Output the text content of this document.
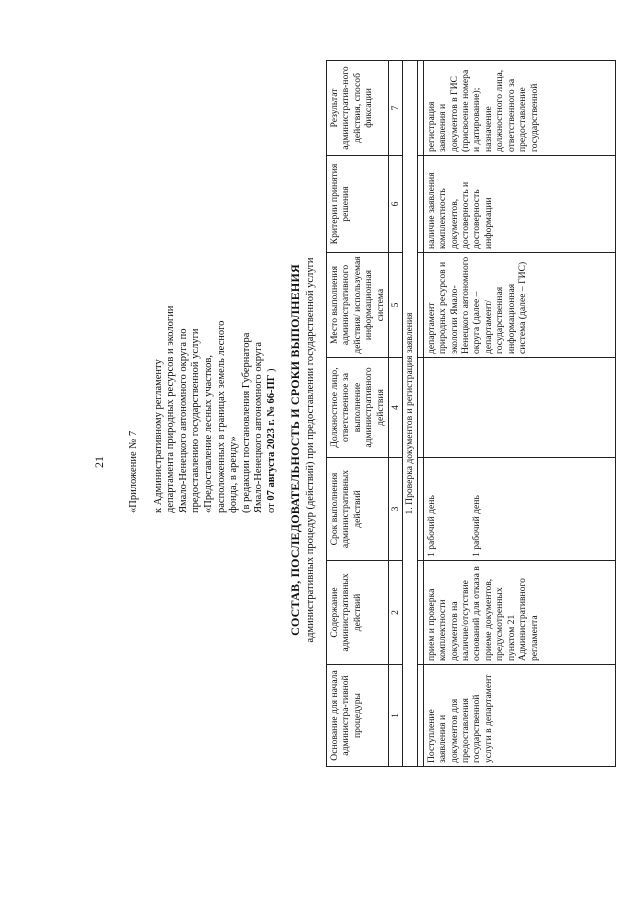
21 «Приложение № 7 к Административному регламенту департамента природных ресурсов и экологии Ямало-Ненецкого автономного округа по предоставлению государственной услуги «Предоставление лесных участков, расположенных в границах земель лесного фонда, в аренду» (в редакции постановления Губернатора Ямало-Ненецкого автономного округа от 07 августа 2023 г. № 66-ПГ ) СОСТАВ, ПОСЛЕДОВАТЕЛЬНОСТЬ И СРОКИ ВЫПОЛНЕНИЯ административных процедур (действий) при предоставлении государственной услуги
Основание для начала администра-тивной процедуры	Содержание административных действий	Срок выполнения административных действий	Должностное лицо, ответственное за выполнение административного действия	Место выполнения административного действия/ используемая информационная система	Критерии принятия решения	Результат административ-ного действия, способ фиксации
1	2	3	4	5	6	7
1. Проверка документов и регистрация заявления						

Поступление заявления и документов для предоставления государственной услуги в департамент	прием и проверка комплектности документов на наличие/отсутствие оснований для отказа в приеме документов, предусмотренных пунктом 21 Административного регламента	1 рабочий день 1 рабочий день		департамент природных ресурсов и экологии Ямало-Ненецкого автономного округа (далее – департамент/ государственная информационная система (далее – ГИС)	наличие заявления комплектность документов, достоверность и достоверность информации	регистрация заявления и документов в ГИС (присвоение номера и датирование); назначение должностного лица, ответственного за предоставление государственной
